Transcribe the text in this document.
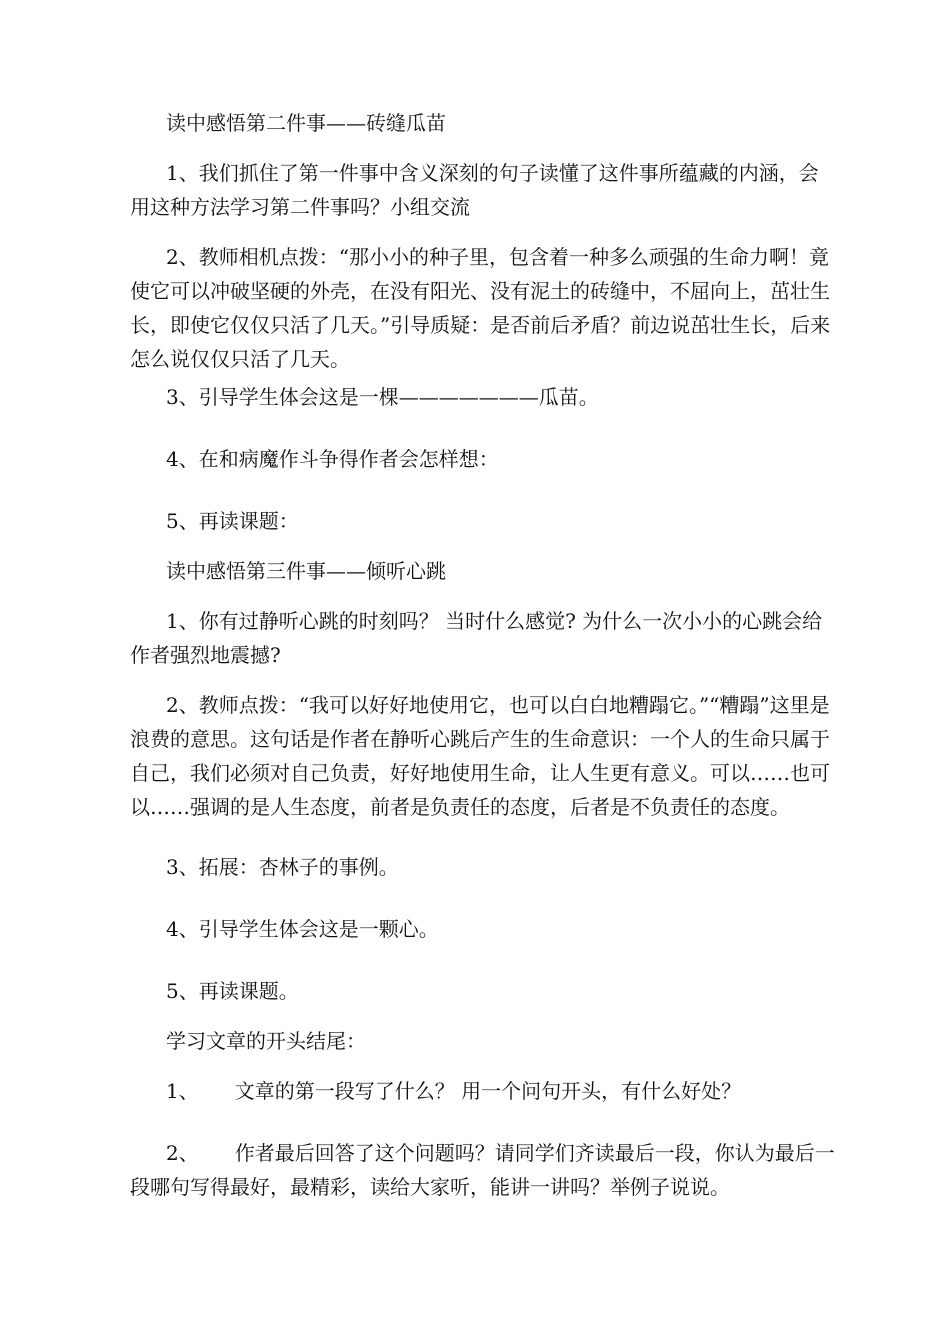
读中感悟第二件事——砖缝瓜苗

1、我们抓住了第一件事中含义深刻的句子读懂了这件事所蕴藏的内涵，会用这种方法学习第二件事吗？小组交流

2、教师相机点拨：“那小小的种子里，包含着一种多么顽强的生命力啊！竟使它可以冲破坚硬的外壳，在没有阳光、没有泥土的砖缝中，不屈向上，茁壮生长，即使它仅仅只活了几天。”引导质疑：是否前后矛盾？前边说茁壮生长，后来怎么说仅仅只活了几天。

3、引导学生体会这是一棵———————瓜苗。

4、在和病魔作斗争得作者会怎样想：

5、再读课题：

读中感悟第三件事——倾听心跳

1、你有过静听心跳的时刻吗？ 当时什么感觉? 为什么一次小小的心跳会给作者强烈地震撼?

2、教师点拨：“我可以好好地使用它，也可以白白地糟蹋它。”“糟蹋”这里是浪费的意思。这句话是作者在静听心跳后产生的生命意识：一个人的生命只属于自己，我们必须对自己负责，好好地使用生命，让人生更有意义。可以……也可以……强调的是人生态度，前者是负责任的态度，后者是不负责任的态度。

3、拓展：杏林子的事例。

4、引导学生体会这是一颗心。

5、再读课题。

学习文章的开头结尾：

1、 文章的第一段写了什么？ 用一个问句开头，有什么好处？

2、 作者最后回答了这个问题吗？请同学们齐读最后一段，你认为最后一段哪句写得最好，最精彩，读给大家听，能讲一讲吗？举例子说说。
